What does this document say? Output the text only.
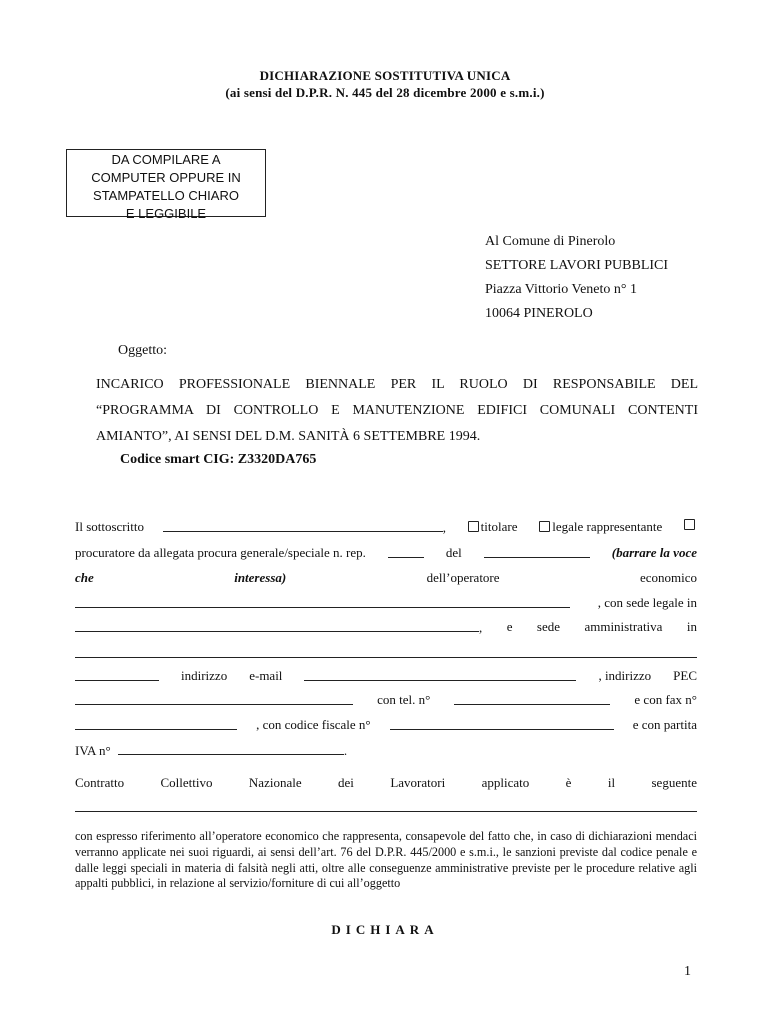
DICHIARAZIONE SOSTITUTIVA UNICA
(ai sensi del D.P.R. N. 445 del 28 dicembre 2000 e s.m.i.)
DA COMPILARE A
COMPUTER OPPURE IN
STAMPATELLO CHIARO
E LEGGIBILE
Al Comune di Pinerolo
SETTORE LAVORI PUBBLICI
Piazza Vittorio Veneto n° 1
10064 PINEROLO
Oggetto:
INCARICO PROFESSIONALE BIENNALE PER IL RUOLO DI RESPONSABILE DEL “PROGRAMMA DI CONTROLLO E MANUTENZIONE EDIFICI COMUNALI CONTENTI AMIANTO”, AI SENSI DEL D.M. SANITÀ 6 SETTEMBRE 1994.
Codice smart CIG: Z3320DA765
Il sottoscritto	,	titolare	legale rappresentante
procuratore da allegata procura generale/speciale n. rep.	del	(barrare la voce
che	interessa)	dell’operatore	economico
, con sede legale in
, e sede amministrativa in
indirizzo e-mail	, indirizzo PEC
con tel. n°	e con fax n°
, con codice fiscale n°	e con partita
IVA n°	.
Contratto	Collettivo	Nazionale	dei	Lavoratori	applicato	è	il	seguente
con espresso riferimento all’operatore economico che rappresenta, consapevole del fatto che, in caso di dichiarazioni mendaci verranno applicate nei suoi riguardi, ai sensi dell’art. 76 del D.P.R. 445/2000 e s.m.i., le sanzioni previste dal codice penale e dalle leggi speciali in materia di falsità negli atti, oltre alle conseguenze amministrative previste per le procedure relative agli appalti pubblici, in relazione al servizio/forniture di cui all’oggetto
DICHIARA
1
